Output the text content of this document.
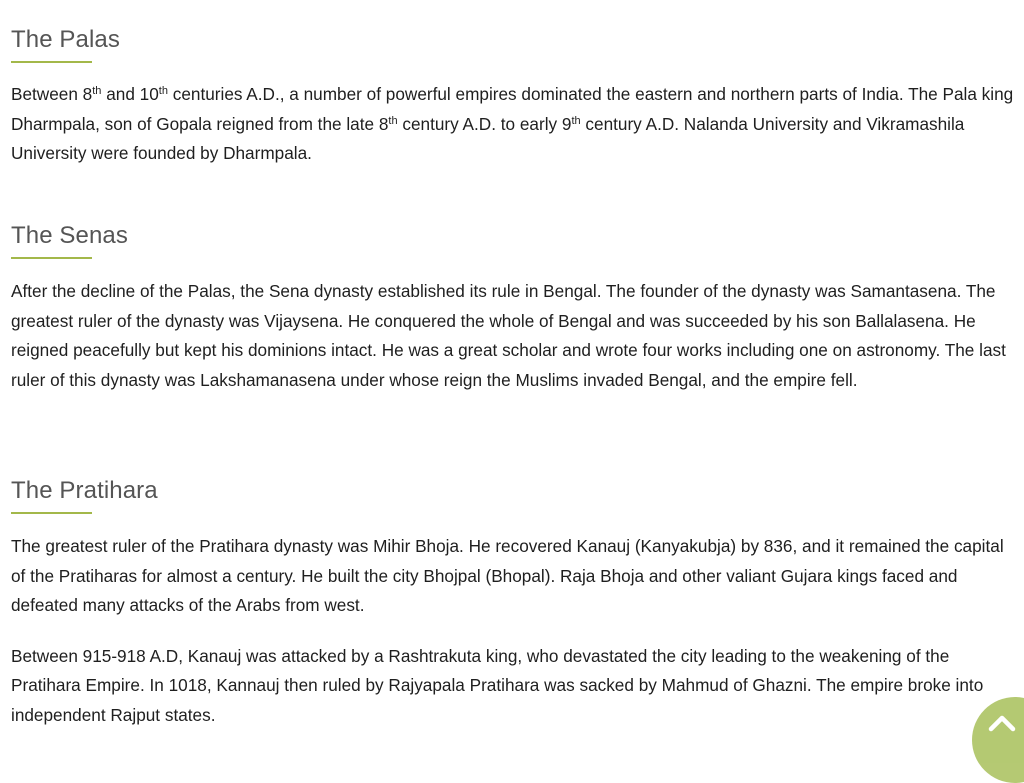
The Palas

Between 8th and 10th centuries A.D., a number of powerful empires dominated the eastern and northern parts of India. The Pala king Dharmpala, son of Gopala reigned from the late 8th century A.D. to early 9th century A.D. Nalanda University and Vikramashila University were founded by Dharmpala.

The Senas

After the decline of the Palas, the Sena dynasty established its rule in Bengal. The founder of the dynasty was Samantasena. The greatest ruler of the dynasty was Vijaysena. He conquered the whole of Bengal and was succeeded by his son Ballalasena. He reigned peacefully but kept his dominions intact. He was a great scholar and wrote four works including one on astronomy. The last ruler of this dynasty was Lakshamanasena under whose reign the Muslims invaded Bengal, and the empire fell.

The Pratihara

The greatest ruler of the Pratihara dynasty was Mihir Bhoja. He recovered Kanauj (Kanyakubja) by 836, and it remained the capital of the Pratiharas for almost a century. He built the city Bhojpal (Bhopal). Raja Bhoja and other valiant Gujara kings faced and defeated many attacks of the Arabs from west.

Between 915-918 A.D, Kanauj was attacked by a Rashtrakuta king, who devastated the city leading to the weakening of the Pratihara Empire. In 1018, Kannauj then ruled by Rajyapala Pratihara was sacked by Mahmud of Ghazni. The empire broke into independent Rajput states.
